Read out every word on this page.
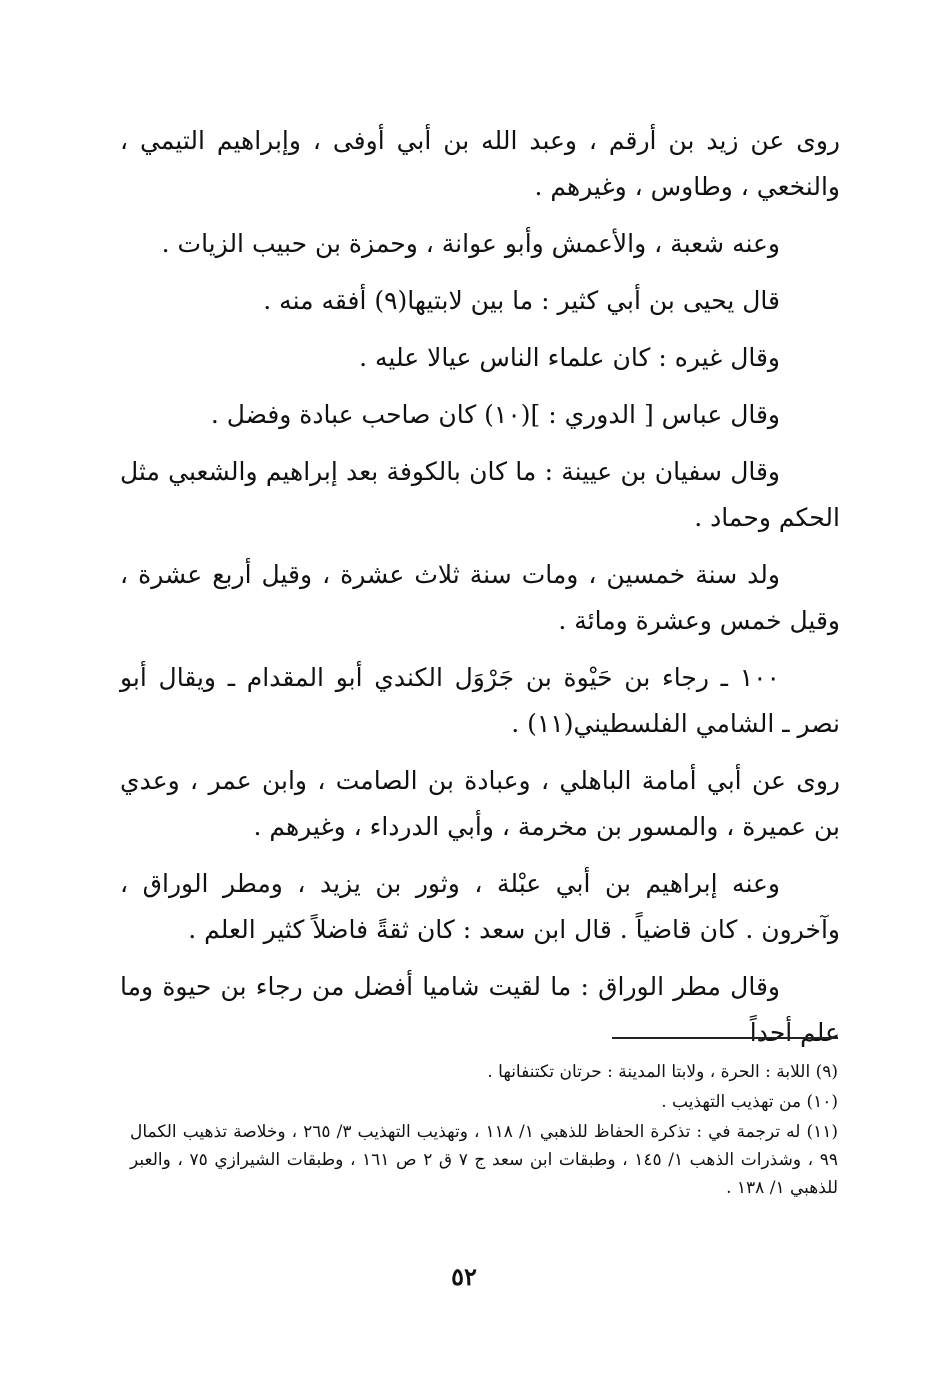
روى عن زيد بن أرقم ، وعبد الله بن أبي أوفى ، وإبراهيم التيمي ، والنخعي ، وطاوس ، وغيرهم .

وعنه شعبة ، والأعمش وأبو عوانة ، وحمزة بن حبيب الزيات .

قال يحيى بن أبي كثير : ما بين لابتيها(٩) أفقه منه .

وقال غيره : كان علماء الناس عيالا عليه .

وقال عباس [ الدوري : ](١٠) كان صاحب عبادة وفضل .

وقال سفيان بن عيينة : ما كان بالكوفة بعد إبراهيم والشعبي مثل الحكم وحماد .

ولد سنة خمسين ، ومات سنة ثلاث عشرة ، وقيل أربع عشرة ، وقيل خمس وعشرة ومائة .

١٠٠ ـ رجاء بن حَيْوة بن جَرْوَل الكندي أبو المقدام ـ ويقال أبو نصر ـ الشامي الفلسطيني(١١) .

روى عن أبي أمامة الباهلي ، وعبادة بن الصامت ، وابن عمر ، وعدي بن عميرة ، والمسور بن مخرمة ، وأبي الدرداء ، وغيرهم .

وعنه إبراهيم بن أبي عبْلة ، وثور بن يزيد ، ومطر الوراق ، وآخرون . كان قاضياً . قال ابن سعد : كان ثقةً فاضلاً كثير العلم .

وقال مطر الوراق : ما لقيت شاميا أفضل من رجاء بن حيوة وما علم أحداً

(٩) اللابة : الحرة ، ولابتا المدينة : حرتان تكتنفانها .

(١٠) من تهذيب التهذيب .

(١١) له ترجمة في : تذكرة الحفاظ للذهبي ١/ ١١٨ ، وتهذيب التهذيب ٣/ ٢٦٥ ، وخلاصة تذهيب الكمال ٩٩ ، وشذرات الذهب ١/ ١٤٥ ، وطبقات ابن سعد ج ٧ ق ٢ ص ١٦١ ، وطبقات الشيرازي ٧٥ ، والعبر للذهبي ١/ ١٣٨ .

٥٢
